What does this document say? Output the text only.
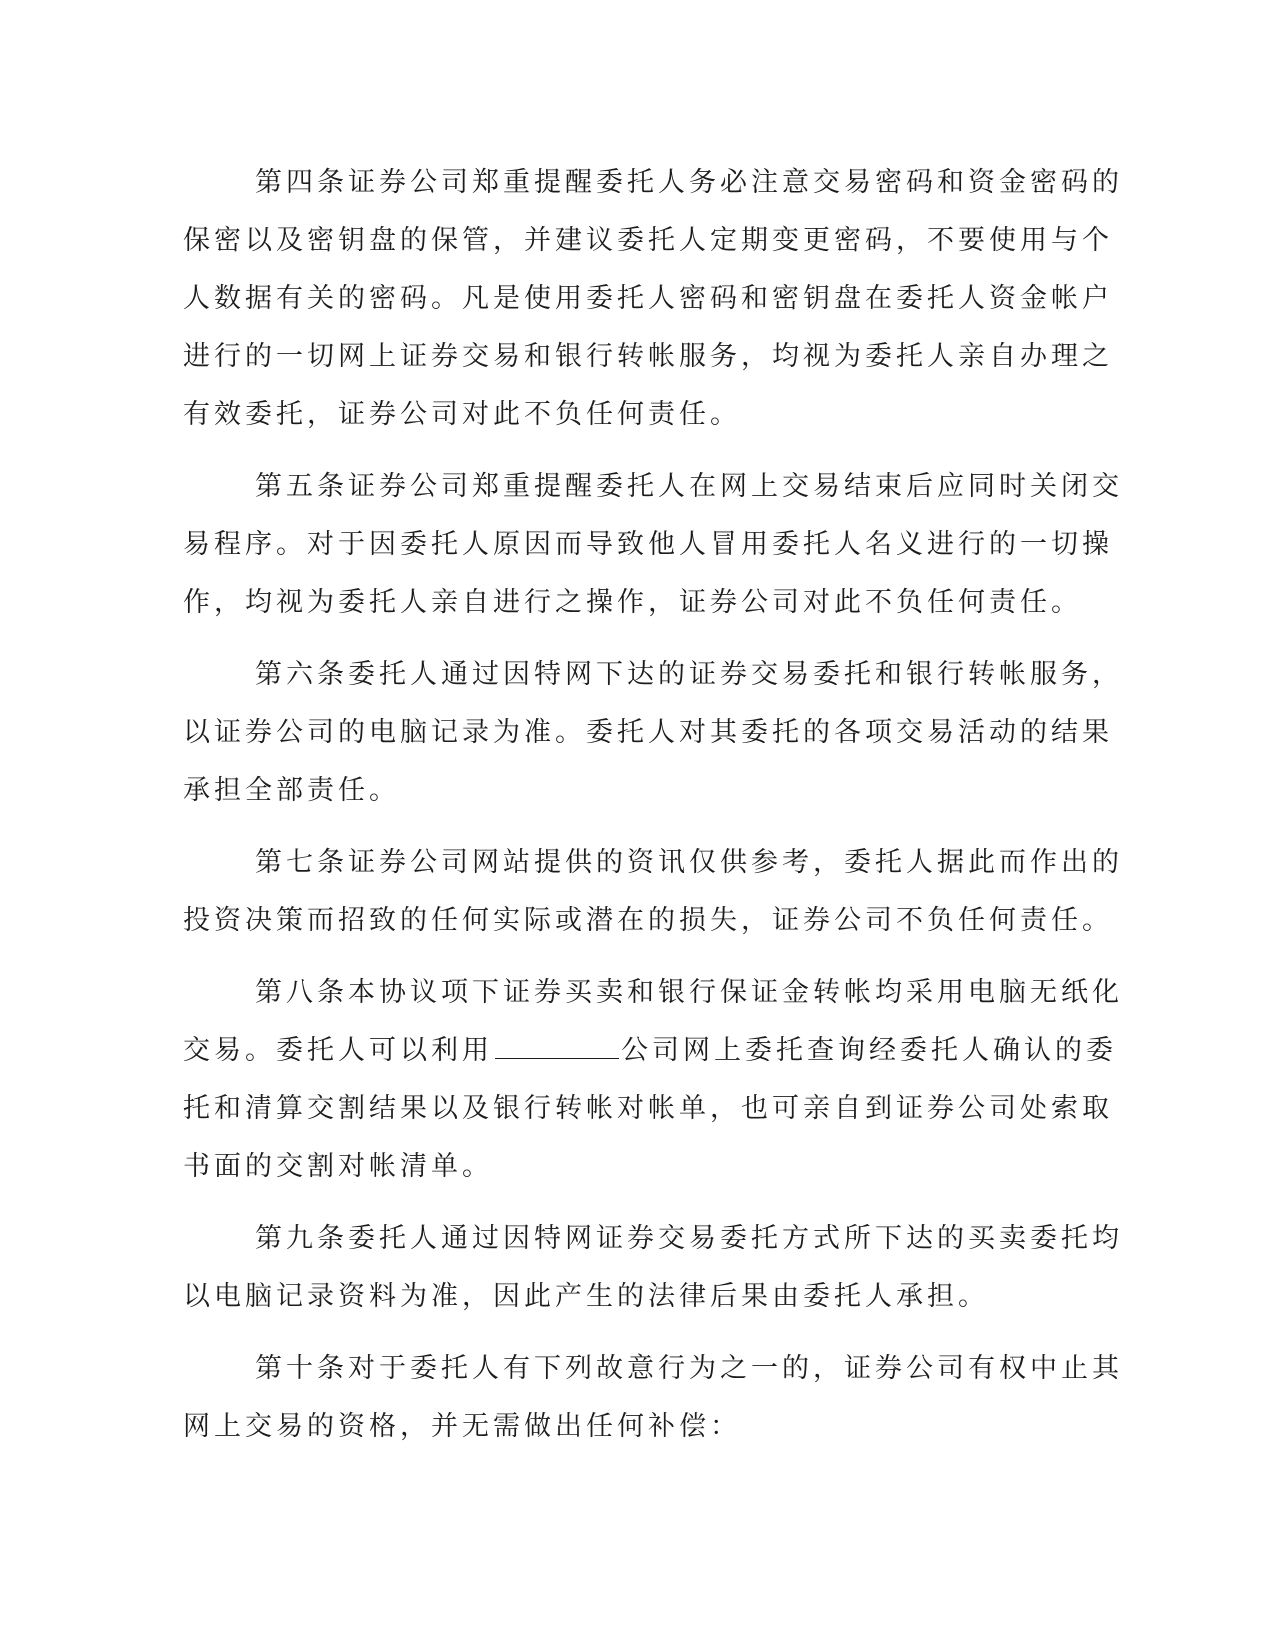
第四条证券公司郑重提醒委托人务必注意交易密码和资金密码的
保密以及密钥盘的保管，并建议委托人定期变更密码，不要使用与个
人数据有关的密码。凡是使用委托人密码和密钥盘在委托人资金帐户
进行的一切网上证券交易和银行转帐服务，均视为委托人亲自办理之
有效委托，证券公司对此不负任何责任。
第五条证券公司郑重提醒委托人在网上交易结束后应同时关闭交
易程序。对于因委托人原因而导致他人冒用委托人名义进行的一切操
作，均视为委托人亲自进行之操作，证券公司对此不负任何责任。
第六条委托人通过因特网下达的证券交易委托和银行转帐服务，
以证券公司的电脑记录为准。委托人对其委托的各项交易活动的结果
承担全部责任。
第七条证券公司网站提供的资讯仅供参考，委托人据此而作出的
投资决策而招致的任何实际或潜在的损失，证券公司不负任何责任。
第八条本协议项下证券买卖和银行保证金转帐均采用电脑无纸化
交易。委托人可以利用	公司网上委托查询经委托人确认的委
托和清算交割结果以及银行转帐对帐单，也可亲自到证券公司处索取
书面的交割对帐清单。
第九条委托人通过因特网证券交易委托方式所下达的买卖委托均
以电脑记录资料为准，因此产生的法律后果由委托人承担。
第十条对于委托人有下列故意行为之一的，证券公司有权中止其
网上交易的资格，并无需做出任何补偿：
